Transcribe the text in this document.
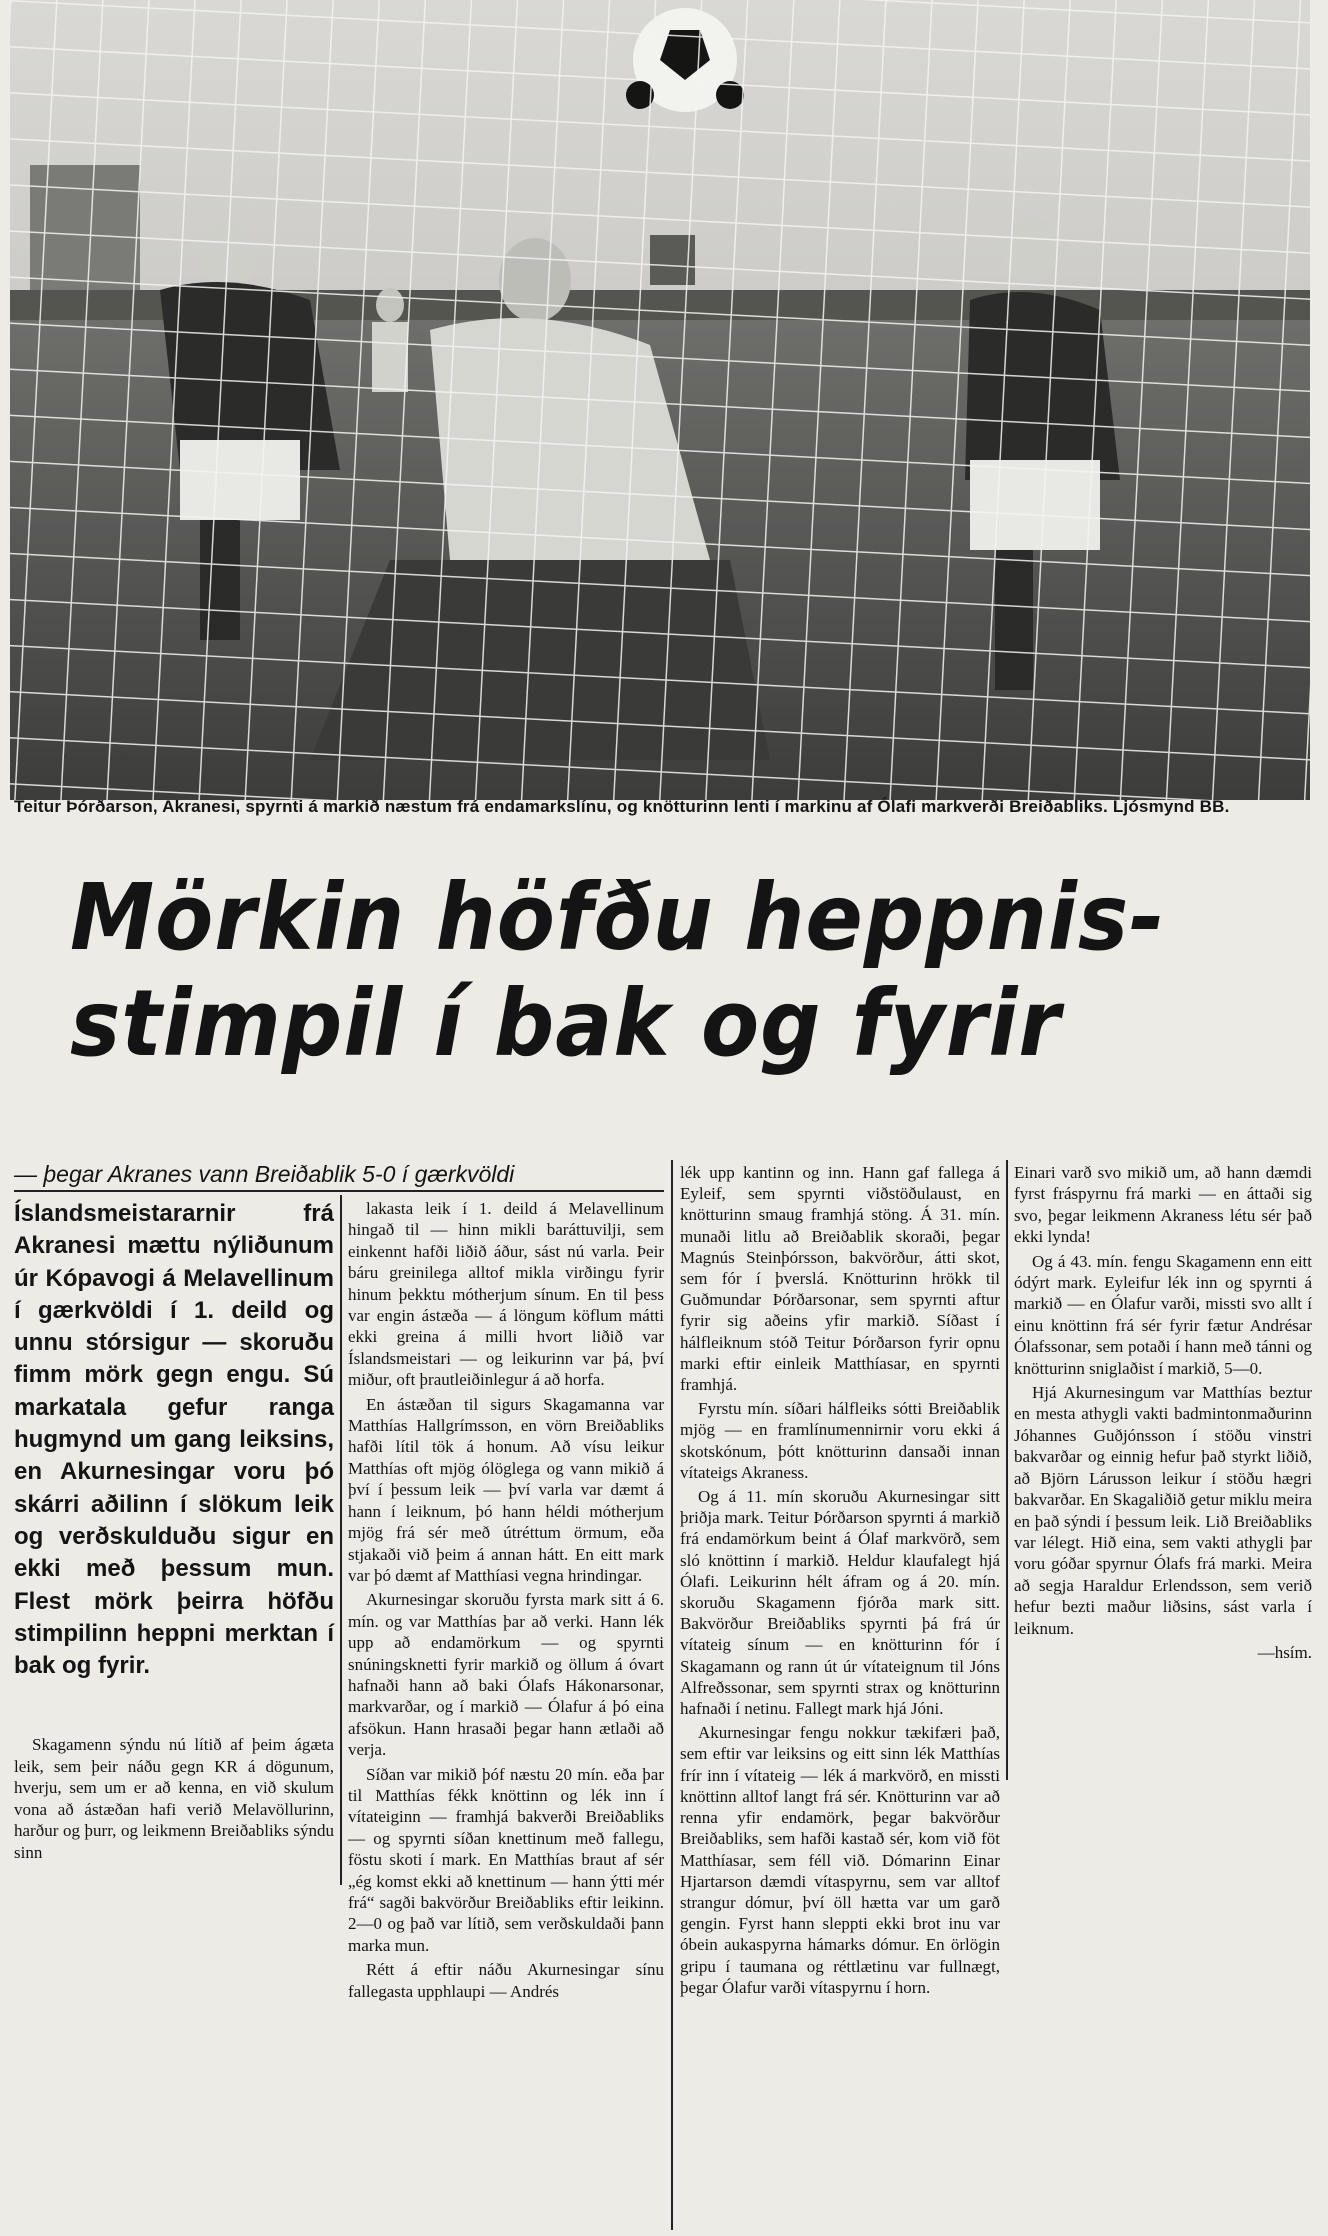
Teitur Þórðarson, Akranesi, spyrnti á markið næstum frá endamarkslínu, og knötturinn lenti í markinu af Ólafi markverði Breiðabliks. Ljósmynd BB.
Mörkin höfðu heppnis-
stimpil í bak og fyrir
— þegar Akranes vann Breiðablik 5-0 í gærkvöldi
Íslandsmeistararnir frá Akranesi mættu nýliðunum úr Kópavogi á Melavellinum í gærkvöldi í 1. deild og unnu stórsigur — skoruðu fimm mörk gegn engu. Sú markatala gefur ranga hugmynd um gang leiksins, en Akurnesingar voru þó skárri aðilinn í slökum leik og verðskulduðu sigur en ekki með þessum mun. Flest mörk þeirra höfðu stimpilinn heppni merktan í bak og fyrir.

Skagamenn sýndu nú lítið af þeim ágæta leik, sem þeir náðu gegn KR á dögunum, hverju, sem um er að kenna, en við skulum vona að ástæðan hafi verið Melavöllurinn, harður og þurr, og leikmenn Breiðabliks sýndu sinn

lakasta leik í 1. deild á Melavellinum hingað til — hinn mikli baráttuvilji, sem einkennt hafði liðið áður, sást nú varla. Þeir báru greinilega alltof mikla virðingu fyrir hinum þekktu mótherjum sínum. En til þess var engin ástæða — á löngum köflum mátti ekki greina á milli hvort liðið var Íslandsmeistari — og leikurinn var þá, því miður, oft þrautleiðinlegur á að horfa.

En ástæðan til sigurs Skagamanna var Matthías Hallgrímsson, en vörn Breiðabliks hafði lítil tök á honum. Að vísu leikur Matthías oft mjög ólöglega og vann mikið á því í þessum leik — því varla var dæmt á hann í leiknum, þó hann héldi mótherjum mjög frá sér með útréttum örmum, eða stjakaði við þeim á annan hátt. En eitt mark var þó dæmt af Matthíasi vegna hrindingar.

Akurnesingar skoruðu fyrsta mark sitt á 6. mín. og var Matthías þar að verki. Hann lék upp að endamörkum — og spyrnti snúningsknetti fyrir markið og öllum á óvart hafnaði hann að baki Ólafs Hákonarsonar, markvarðar, og í markið — Ólafur á þó eina afsökun. Hann hrasaði þegar hann ætlaði að verja.

Síðan var mikið þóf næstu 20 mín. eða þar til Matthías fékk knöttinn og lék inn í vítateiginn — framhjá bakverði Breiðabliks — og spyrnti síðan knettinum með fallegu, föstu skoti í mark. En Matthías braut af sér „ég komst ekki að knettinum — hann ýtti mér frá“ sagði bakvörður Breiðabliks eftir leikinn. 2—0 og það var lítið, sem verðskuldaði þann marka mun.

Rétt á eftir náðu Akurnesingar sínu fallegasta upphlaupi — Andrés

lék upp kantinn og inn. Hann gaf fallega á Eyleif, sem spyrnti viðstöðulaust, en knötturinn smaug framhjá stöng. Á 31. mín. munaði litlu að Breiðablik skoraði, þegar Magnús Steinþórsson, bakvörður, átti skot, sem fór í þverslá. Knötturinn hrökk til Guðmundar Þórðarsonar, sem spyrnti aftur fyrir sig aðeins yfir markið. Síðast í hálfleiknum stóð Teitur Þórðarson fyrir opnu marki eftir einleik Matthíasar, en spyrnti framhjá.

Fyrstu mín. síðari hálfleiks sótti Breiðablik mjög — en framlínumennirnir voru ekki á skotskónum, þótt knötturinn dansaði innan vítateigs Akraness.

Og á 11. mín skoruðu Akurnesingar sitt þriðja mark. Teitur Þórðarson spyrnti á markið frá endamörkum beint á Ólaf markvörð, sem sló knöttinn í markið. Heldur klaufalegt hjá Ólafi. Leikurinn hélt áfram og á 20. mín. skoruðu Skagamenn fjórða mark sitt. Bakvörður Breiðabliks spyrnti þá frá úr vítateig sínum — en knötturinn fór í Skagamann og rann út úr vítateignum til Jóns Alfreðssonar, sem spyrnti strax og knötturinn hafnaði í netinu. Fallegt mark hjá Jóni.

Akurnesingar fengu nokkur tækifæri það, sem eftir var leiksins og eitt sinn lék Matthías frír inn í vítateig — lék á markvörð, en missti knöttinn alltof langt frá sér. Knötturinn var að renna yfir endamörk, þegar bakvörður Breiðabliks, sem hafði kastað sér, kom við föt Matthíasar, sem féll við. Dómarinn Einar Hjartarson dæmdi vítaspyrnu, sem var alltof strangur dómur, því öll hætta var um garð gengin. Fyrst hann sleppti ekki brot inu var óbein aukaspyrna hámarks dómur. En örlögin gripu í taumana og réttlætinu var fullnægt, þegar Ólafur varði vítaspyrnu í horn.

Einari varð svo mikið um, að hann dæmdi fyrst fráspyrnu frá marki — en áttaði sig svo, þegar leikmenn Akraness létu sér það ekki lynda!

Og á 43. mín. fengu Skagamenn enn eitt ódýrt mark. Eyleifur lék inn og spyrnti á markið — en Ólafur varði, missti svo allt í einu knöttinn frá sér fyrir fætur Andrésar Ólafssonar, sem potaði í hann með tánni og knötturinn sniglaðist í markið, 5—0.

Hjá Akurnesingum var Matthías beztur en mesta athygli vakti badmintonmaðurinn Jóhannes Guðjónsson í stöðu vinstri bakvarðar og einnig hefur það styrkt liðið, að Björn Lárusson leikur í stöðu hægri bakvarðar. En Skagaliðið getur miklu meira en það sýndi í þessum leik. Lið Breiðabliks var lélegt. Hið eina, sem vakti athygli þar voru góðar spyrnur Ólafs frá marki. Meira að segja Haraldur Erlendsson, sem verið hefur bezti maður liðsins, sást varla í leiknum.

—hsím.
